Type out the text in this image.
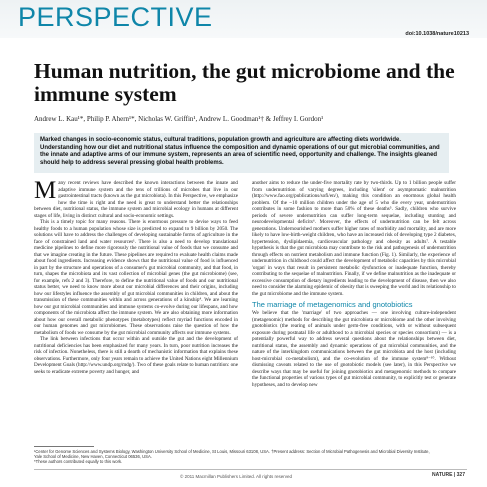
PERSPECTIVE
doi:10.1038/nature10213
Human nutrition, the gut microbiome and the immune system
Andrew L. Kau¹*, Philip P. Ahern¹*, Nicholas W. Griffin¹, Andrew L. Goodman¹† & Jeffrey I. Gordon¹
Marked changes in socio-economic status, cultural traditions, population growth and agriculture are affecting diets worldwide. Understanding how our diet and nutritional status influence the composition and dynamic operations of our gut microbial communities, and the innate and adaptive arms of our immune system, represents an area of scientific need, opportunity and challenge. The insights gleaned should help to address several pressing global health problems.

Many recent reviews have described the known interactions between the innate and adaptive immune system and the tens of trillions of microbes that live in our gastrointestinal tracts (known as the gut microbiota). In this Perspective, we emphasize how the time is right and the need is great to understand better the relationships between diet, nutritional status, the immune system and microbial ecology in humans at different stages of life, living in distinct cultural and socio-economic settings.

This is a timely topic for many reasons. There is enormous pressure to devise ways to feed healthy foods to a human population whose size is predicted to expand to 9 billion by 2050. The solutions will have to address the challenges of developing sustainable forms of agriculture in the face of constrained land and water resources¹. There is also a need to develop translational medicine pipelines to define more rigorously the nutritional value of foods that we consume and that we imagine creating in the future. These pipelines are required to evaluate health claims made about food ingredients. Increasing evidence shows that the nutritional value of food is influenced in part by the structure and operations of a consumer's gut microbial community, and that food, in turn, shapes the microbiota and its vast collection of microbial genes (the gut microbiome) (see, for example, refs 2 and 3). Therefore, to define the nutritional value of foods and our nutritional status better, we need to know more about our microbial differences and their origins, including how our lifestyles influence the assembly of gut microbial communities in children, and about the transmission of these communities within and across generations of a kinship⁴. We are learning how our gut microbial communities and immune systems co-evolve during our lifespans, and how components of the microbiota affect the immune system. We are also obtaining more information about how our overall metabolic phenotypes (metabotypes) reflect myriad functions encoded in our human genomes and gut microbiomes. These observations raise the question of how the metabolism of foods we consume by the gut microbial community affects our immune systems.

The link between infections that occur within and outside the gut and the development of nutritional deficiencies has been emphasized for many years. In turn, poor nutrition increases the risk of infection. Nonetheless, there is still a dearth of mechanistic information that explains these observations. Furthermore, only four years remain to achieve the United Nations eight Millennium Development Goals (http://www.undp.org/mdg/). Two of these goals relate to human nutrition: one seeks to eradicate extreme poverty and hunger, and

another aims to reduce the under-five mortality rate by two-thirds. Up to 1 billion people suffer from undernutrition of varying degrees, including 'silent' or asymptomatic malnutrition (http://www.fao.org/publications/sofi/en/), making this condition an enormous global health problem. Of the ~10 million children under the age of 5 who die every year, undernutrition contributes in some fashion to more than 50% of these deaths⁵. Sadly, children who survive periods of severe undernutrition can suffer long-term sequelae, including stunting and neurodevelopmental deficits⁶. Moreover, the effects of undernutrition can be felt across generations. Undernourished mothers suffer higher rates of morbidity and mortality, and are more likely to have low-birth-weight children, who have an increased risk of developing type 2 diabetes, hypertension, dyslipidaemia, cardiovascular pathology and obesity as adults⁷. A testable hypothesis is that the gut microbiota may contribute to the risk and pathogenesis of undernutrition through effects on nutrient metabolism and immune function (Fig. 1). Similarly, the experience of undernutrition in childhood could affect the development of metabolic capacities by this microbial 'organ' in ways that result in persistent metabolic dysfunction or inadequate function, thereby contributing to the sequelae of malnutrition. Finally, if we define malnutrition as the inadequate or excessive consumption of dietary ingredients leading to the development of disease, then we also need to consider the alarming epidemic of obesity that is sweeping the world and its relationship to the gut microbiome and the immune system.

The marriage of metagenomics and gnotobiotics

We believe that the 'marriage' of two approaches — one involving culture-independent (metagenomic) methods for describing the gut microbiota or microbiome and the other involving gnotobiotics (the rearing of animals under germ-free conditions, with or without subsequent exposure during postnatal life or adulthood to a microbial species or species consortium) — is a potentially powerful way to address several questions about the relationships between diet, nutritional status, the assembly and dynamic operations of gut microbial communities, and the nature of the interkingdom communications between the gut microbiota and the host (including host-microbial co-metabolism), and the co-evolution of the immune system⁸⁻¹⁰. Without dismissing caveats related to the use of gnotobiotic models (see later), in this Perspective we describe ways that may be useful for joining gnotobiotics and metagenomic methods to compare the functional properties of various types of gut microbial community, to explicitly test or generate hypotheses, and to develop new

¹Center for Genome Sciences and Systems Biology, Washington University School of Medicine, St Louis, Missouri 63108, USA. †Present address: Section of Microbial Pathogenesis and Microbial Diversity Institute, Yale School of Medicine, New Haven, Connecticut 06536, USA.
*These authors contributed equally to this work.
© 2011 Macmillan Publishers Limited. All rights reserved	NATURE | 327
